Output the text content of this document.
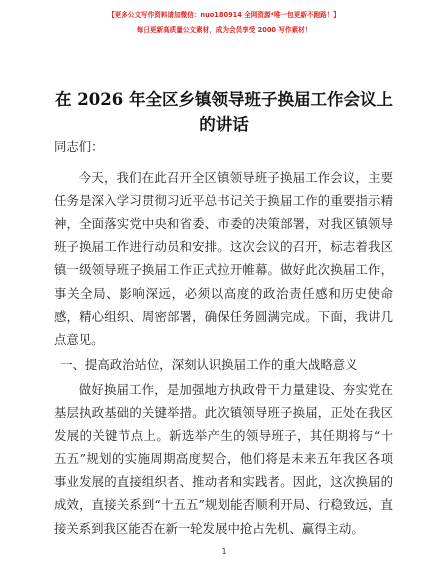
【更多公文写作资料请加微信：nuo180914 全网资源*唯一包更新不跑路！】
每日更新高质量公文素材，成为会员享受 2000 写作素材！
在 2026 年全区乡镇领导班子换届工作会议上的讲话

同志们：

今天，我们在此召开全区镇领导班子换届工作会议，主要任务是深入学习贯彻习近平总书记关于换届工作的重要指示精神，全面落实党中央和省委、市委的决策部署，对我区镇领导班子换届工作进行动员和安排。这次会议的召开，标志着我区镇一级领导班子换届工作正式拉开帷幕。做好此次换届工作，事关全局、影响深远，必须以高度的政治责任感和历史使命感，精心组织、周密部署，确保任务圆满完成。下面，我讲几点意见。

一、提高政治站位，深刻认识换届工作的重大战略意义

做好换届工作，是加强地方执政骨干力量建设、夯实党在基层执政基础的关键举措。此次镇领导班子换届，正处在我区发展的关键节点上。新选举产生的领导班子，其任期将与“十五五”规划的实施周期高度契合，他们将是未来五年我区各项事业发展的直接组织者、推动者和实践者。因此，这次换届的成效，直接关系到“十五五”规划能否顺利开局、行稳致远，直接关系到我区能否在新一轮发展中抢占先机、赢得主动。

1
